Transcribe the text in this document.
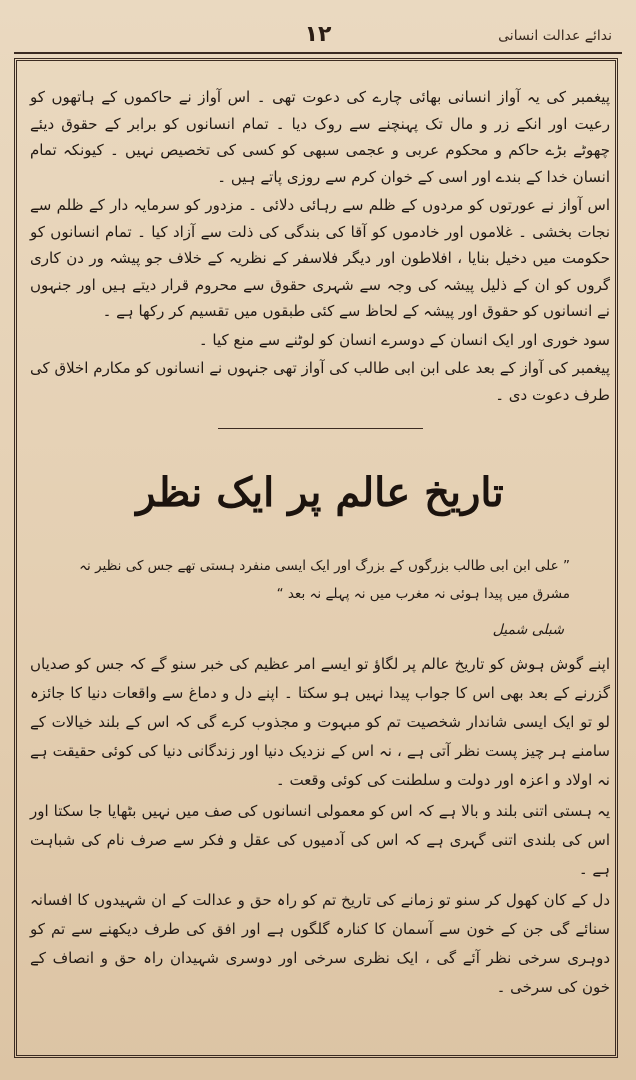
ندائے عدالت انسانی
۱۲

پیغمبر کی یہ آواز انسانی بھائی چارے کی دعوت تھی ۔ اس آواز نے حاکموں کے ہاتھوں کو رعیت اور انکے زر و مال تک پہنچنے سے روک دیا ۔ تمام انسانوں کو برابر کے حقوق دیئے چھوٹے بڑے حاکم و محکوم عربی و عجمی سبھی کو کسی کی تخصیص نہیں ۔ کیونکہ تمام انسان خدا کے بندے اور اسی کے خوان کرم سے روزی پاتے ہیں ۔

اس آواز نے عورتوں کو مردوں کے ظلم سے رہائی دلائی ۔ مزدور کو سرمایہ دار کے ظلم سے نجات بخشی ۔ غلاموں اور خادموں کو آقا کی بندگی کی ذلت سے آزاد کیا ۔ تمام انسانوں کو حکومت میں دخیل بنایا ، افلاطون اور دیگر فلاسفر کے نظریہ کے خلاف جو پیشہ ور دن کاری گروں کو ان کے ذلیل پیشہ کی وجہ سے شہری حقوق سے محروم قرار دیتے ہیں اور جنہوں نے انسانوں کو حقوق اور پیشہ کے لحاظ سے کئی طبقوں میں تقسیم کر رکھا ہے ۔

سود خوری اور ایک انسان کے دوسرے انسان کو لوٹنے سے منع کیا ۔

پیغمبر کی آواز کے بعد علی ابن ابی طالب کی آواز تھی جنہوں نے انسانوں کو مکارم اخلاق کی طرف دعوت دی ۔

تاریخ عالم پر ایک نظر

” علی ابن ابی طالب بزرگوں کے بزرگ اور ایک ایسی منفرد ہستی تھے جس کی نظیر نہ مشرق میں پیدا ہوئی نہ مغرب میں نہ پہلے نہ بعد “

شبلی شمیل

اپنے گوش ہوش کو تاریخ عالم پر لگاؤ تو ایسے امر عظیم کی خبر سنو گے کہ جس کو صدیاں گزرنے کے بعد بھی اس کا جواب پیدا نہیں ہو سکتا ۔ اپنے دل و دماغ سے واقعات دنیا کا جائزہ لو تو ایک ایسی شاندار شخصیت تم کو مبہوت و مجذوب کرے گی کہ اس کے بلند خیالات کے سامنے ہر چیز پست نظر آتی ہے ، نہ اس کے نزدیک دنیا اور زندگانی دنیا کی کوئی حقیقت ہے نہ اولاد و اعزہ اور دولت و سلطنت کی کوئی وقعت ۔

یہ ہستی اتنی بلند و بالا ہے کہ اس کو معمولی انسانوں کی صف میں نہیں بٹھایا جا سکتا اور اس کی بلندی اتنی گہری ہے کہ اس کی آدمیوں کی عقل و فکر سے صرف نام کی شباہت ہے ۔

دل کے کان کھول کر سنو تو زمانے کی تاریخ تم کو راہ حق و عدالت کے ان شہیدوں کا افسانہ سنائے گی جن کے خون سے آسمان کا کنارہ گلگوں ہے اور افق کی طرف دیکھنے سے تم کو دوہری سرخی نظر آئے گی ، ایک نظری سرخی اور دوسری شہیدان راہ حق و انصاف کے خون کی سرخی ۔
